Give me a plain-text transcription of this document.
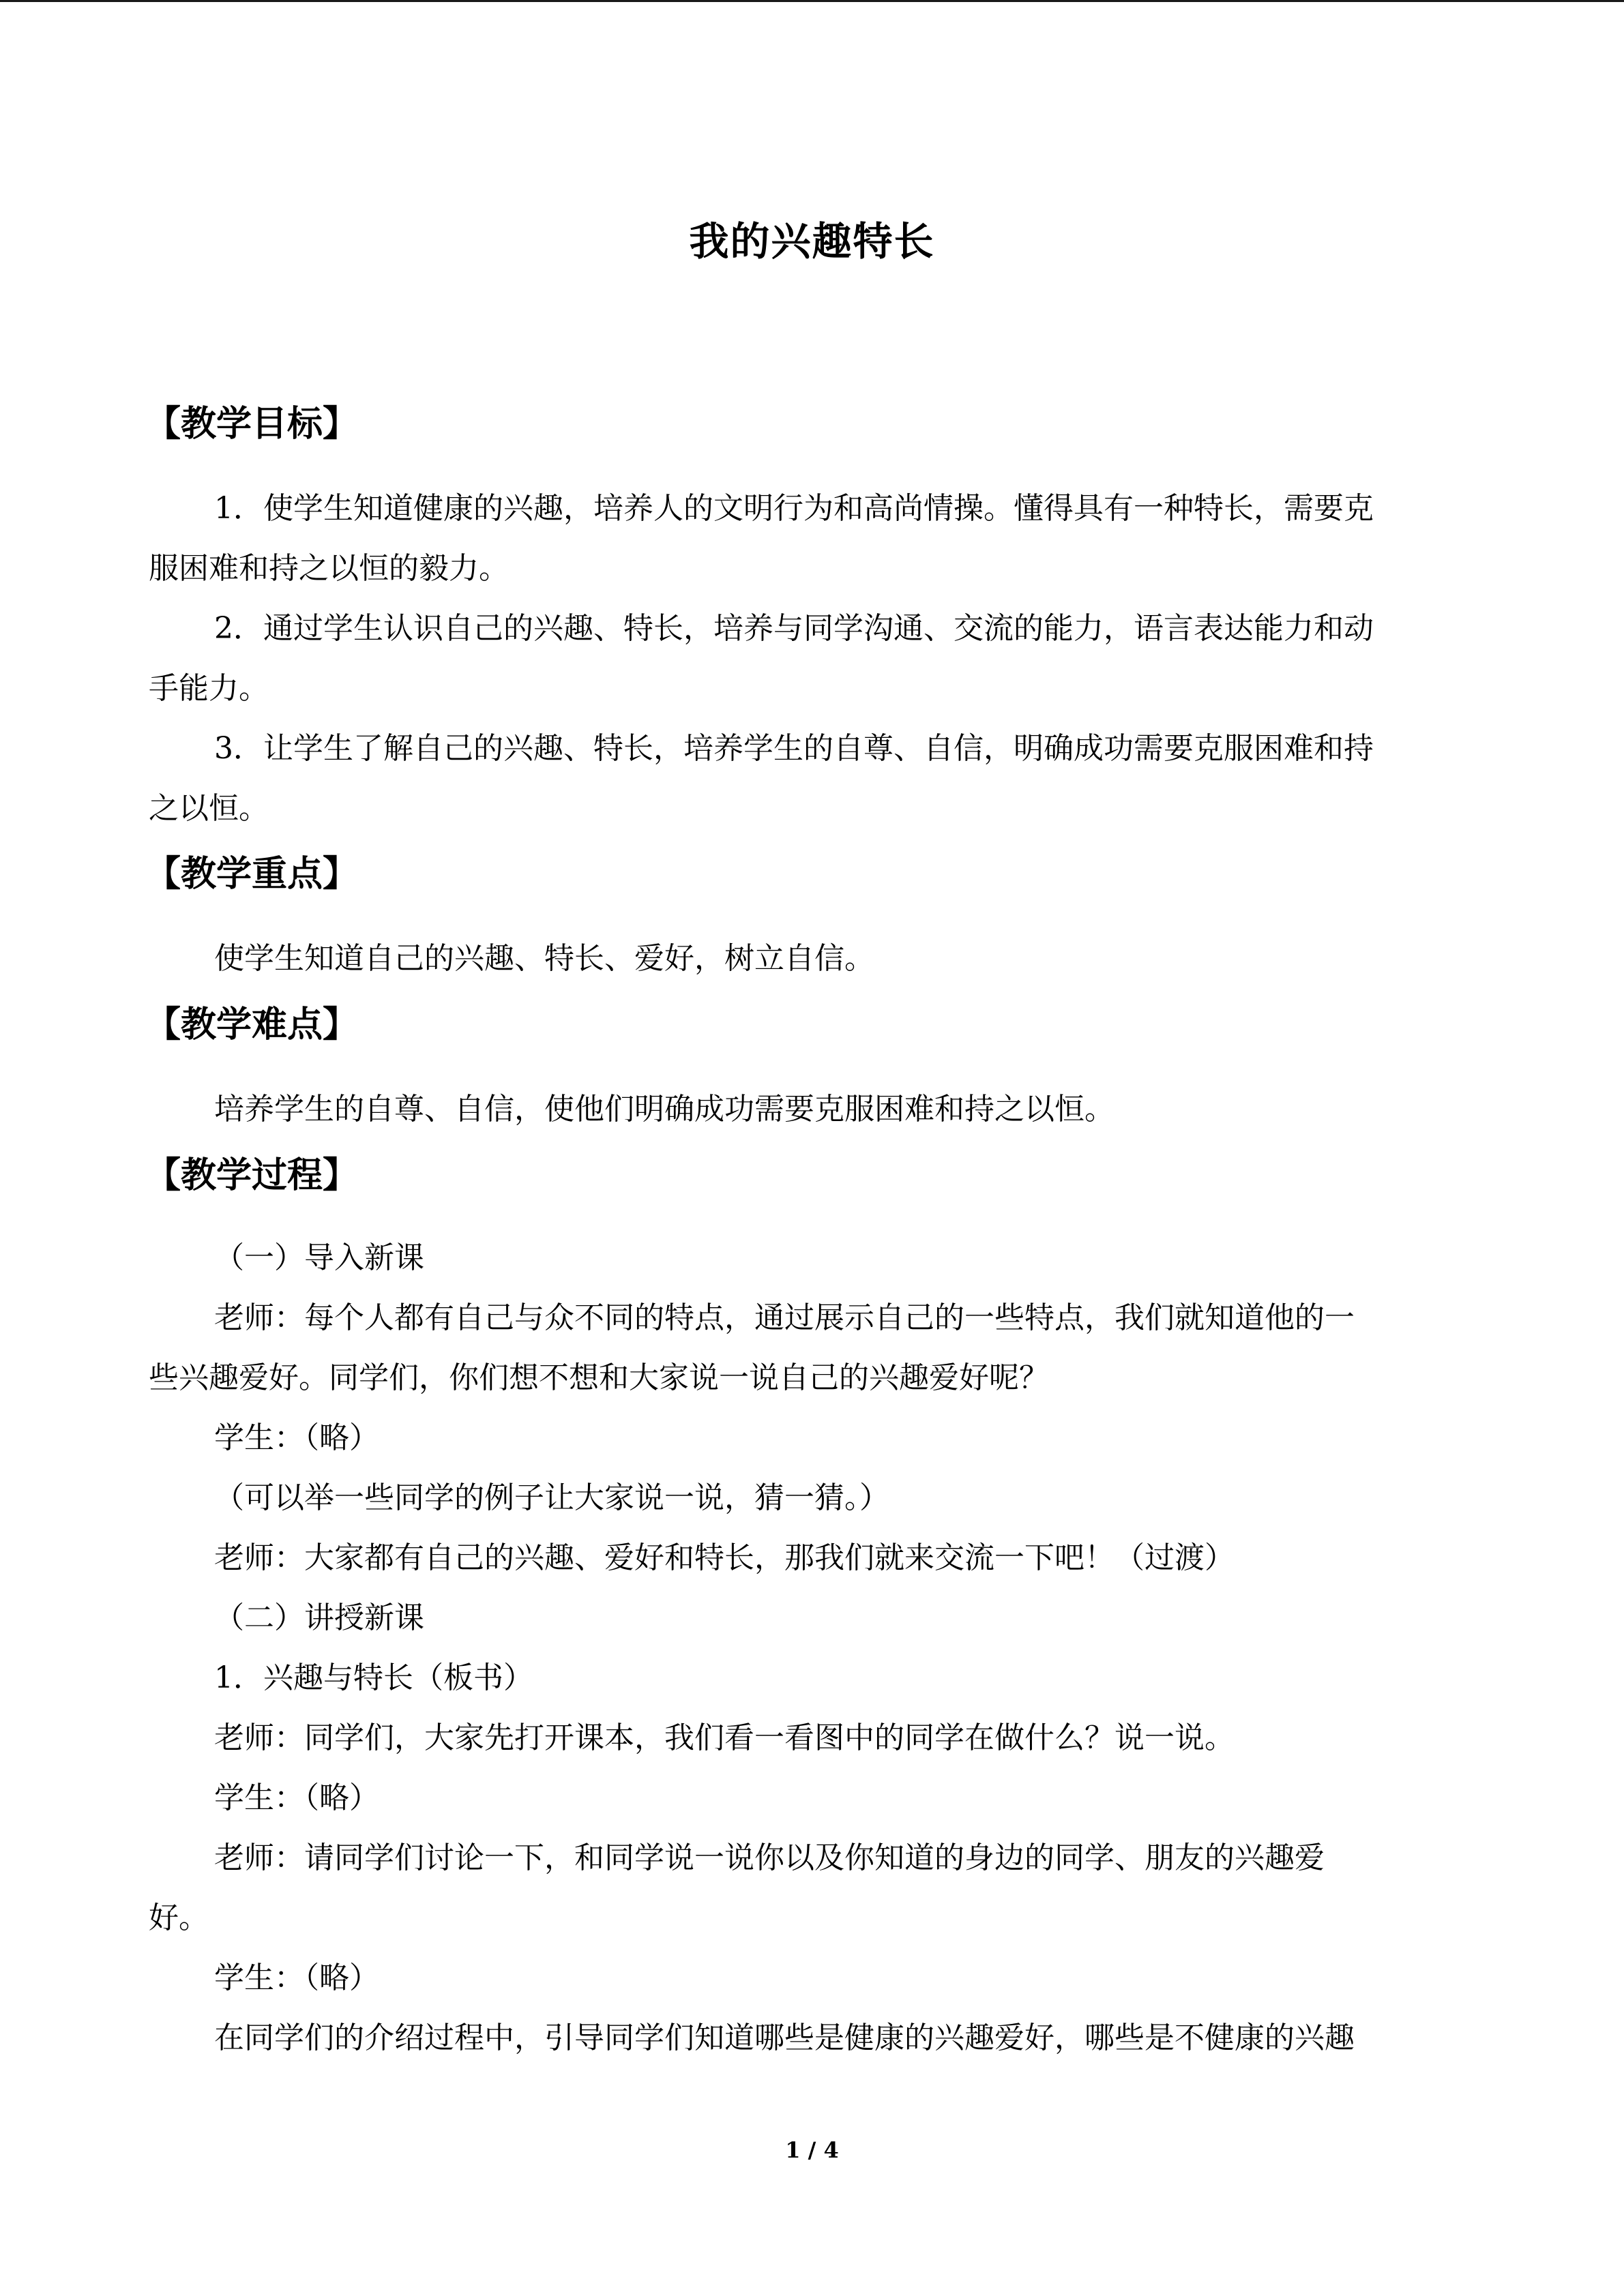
我的兴趣特长
【教学目标】
1．使学生知道健康的兴趣，培养人的文明行为和高尚情操。懂得具有一种特长，需要克
服困难和持之以恒的毅力。
2．通过学生认识自己的兴趣、特长，培养与同学沟通、交流的能力，语言表达能力和动
手能力。
3．让学生了解自己的兴趣、特长，培养学生的自尊、自信，明确成功需要克服困难和持
之以恒。
【教学重点】
使学生知道自己的兴趣、特长、爱好，树立自信。
【教学难点】
培养学生的自尊、自信，使他们明确成功需要克服困难和持之以恒。
【教学过程】
（一）导入新课
老师：每个人都有自己与众不同的特点，通过展示自己的一些特点，我们就知道他的一
些兴趣爱好。同学们，你们想不想和大家说一说自己的兴趣爱好呢？
学生：（略）
（可以举一些同学的例子让大家说一说，猜一猜。）
老师：大家都有自己的兴趣、爱好和特长，那我们就来交流一下吧！（过渡）
（二）讲授新课
1．兴趣与特长（板书）
老师：同学们，大家先打开课本，我们看一看图中的同学在做什么？说一说。
学生：（略）
老师：请同学们讨论一下，和同学说一说你以及你知道的身边的同学、朋友的兴趣爱
好。
学生：（略）
在同学们的介绍过程中，引导同学们知道哪些是健康的兴趣爱好，哪些是不健康的兴趣
1 / 4
